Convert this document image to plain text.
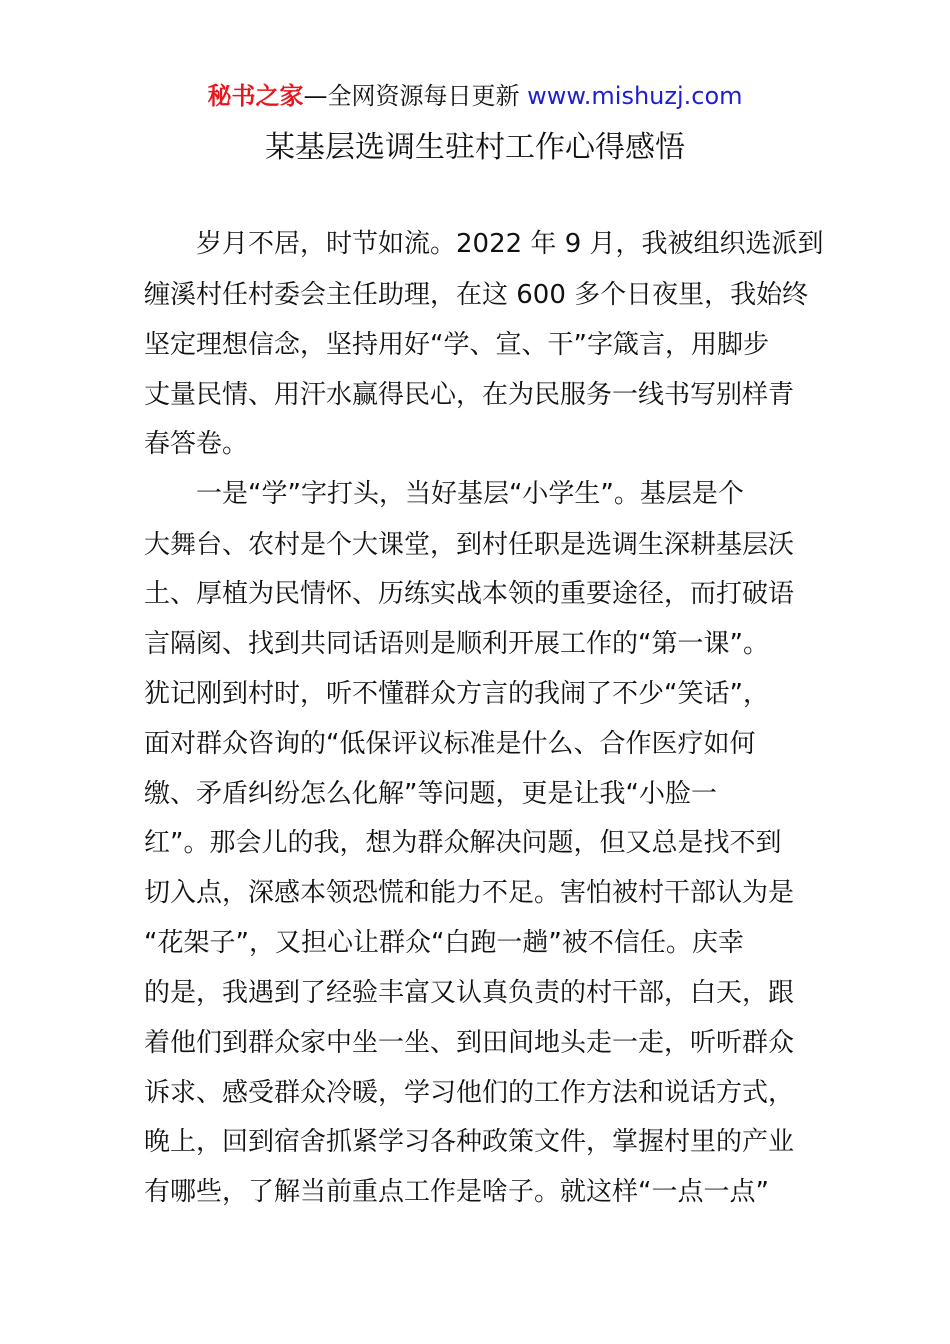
秘书之家—全网资源每日更新 www.mishuzj.com
某基层选调生驻村工作心得感悟
　　岁月不居，时节如流。2022 年 9 月，我被组织选派到
缠溪村任村委会主任助理，在这 600 多个日夜里，我始终
坚定理想信念，坚持用好“学、宣、干”字箴言，用脚步
丈量民情、用汗水赢得民心，在为民服务一线书写别样青
春答卷。
　　一是“学”字打头，当好基层“小学生”。基层是个
大舞台、农村是个大课堂，到村任职是选调生深耕基层沃
土、厚植为民情怀、历练实战本领的重要途径，而打破语
言隔阂、找到共同话语则是顺利开展工作的“第一课”。
犹记刚到村时，听不懂群众方言的我闹了不少“笑话”，
面对群众咨询的“低保评议标准是什么、合作医疗如何
缴、矛盾纠纷怎么化解”等问题，更是让我“小脸一
红”。那会儿的我，想为群众解决问题，但又总是找不到
切入点，深感本领恐慌和能力不足。害怕被村干部认为是
“花架子”，又担心让群众“白跑一趟”被不信任。庆幸
的是，我遇到了经验丰富又认真负责的村干部，白天，跟
着他们到群众家中坐一坐、到田间地头走一走，听听群众
诉求、感受群众冷暖，学习他们的工作方法和说话方式，
晚上，回到宿舍抓紧学习各种政策文件，掌握村里的产业
有哪些，了解当前重点工作是啥子。就这样“一点一点”
